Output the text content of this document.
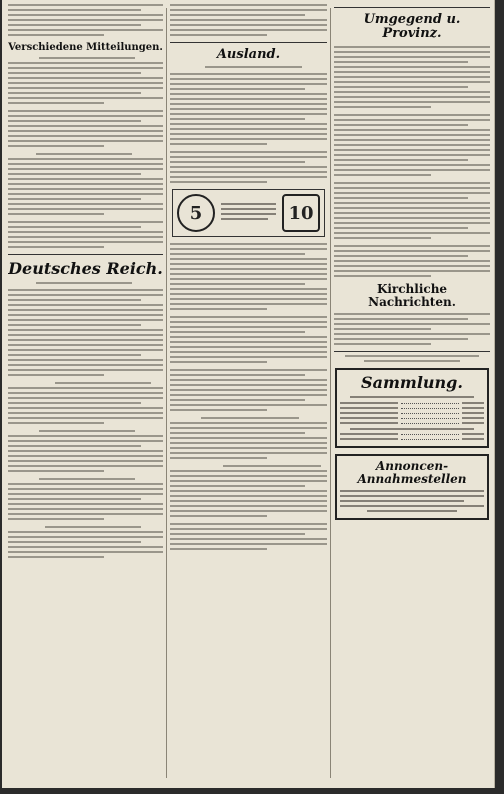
Verschiedene Mitteilungen.
Deutsches Reich.
Ausland.
5	10
Umgegend u. Provinz.
Kirchliche Nachrichten.
Sammlung.
Annoncen-Annahmestellen
